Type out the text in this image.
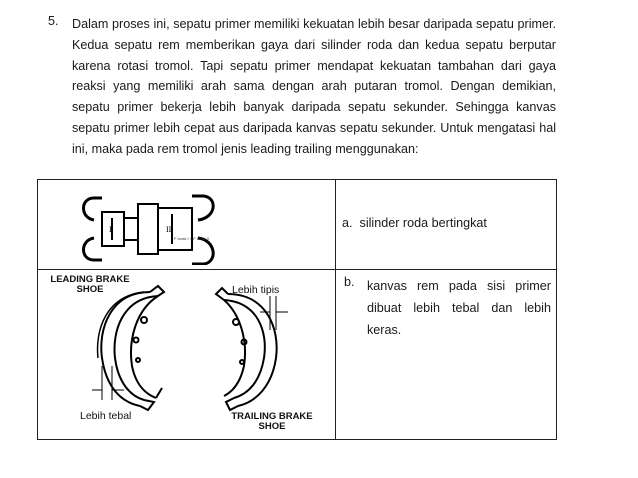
5. Dalam proses ini, sepatu primer memiliki kekuatan lebih besar daripada sepatu primer. Kedua sepatu rem memberikan gaya dari silinder roda dan kedua sepatu berputar karena rotasi tromol. Tapi sepatu primer mendapat kekuatan tambahan dari gaya reaksi yang memiliki arah sama dengan arah putaran tromol. Dengan demikian, sepatu primer bekerja lebih banyak daripada sepatu sekunder. Sehingga kanvas sepatu primer lebih cepat aus daripada kanvas sepatu sekunder. Untuk mengatasi hal ini, maka pada rem tromol jenis leading trailing menggunakan:
I	II
F torak I < F torak II
LEADING BRAKE SHOE	Lebih tipis
Lebih tebal	TRAILING BRAKE SHOE
a. silinder roda bertingkat
b. kanvas rem pada sisi primer dibuat lebih tebal dan lebih keras.
